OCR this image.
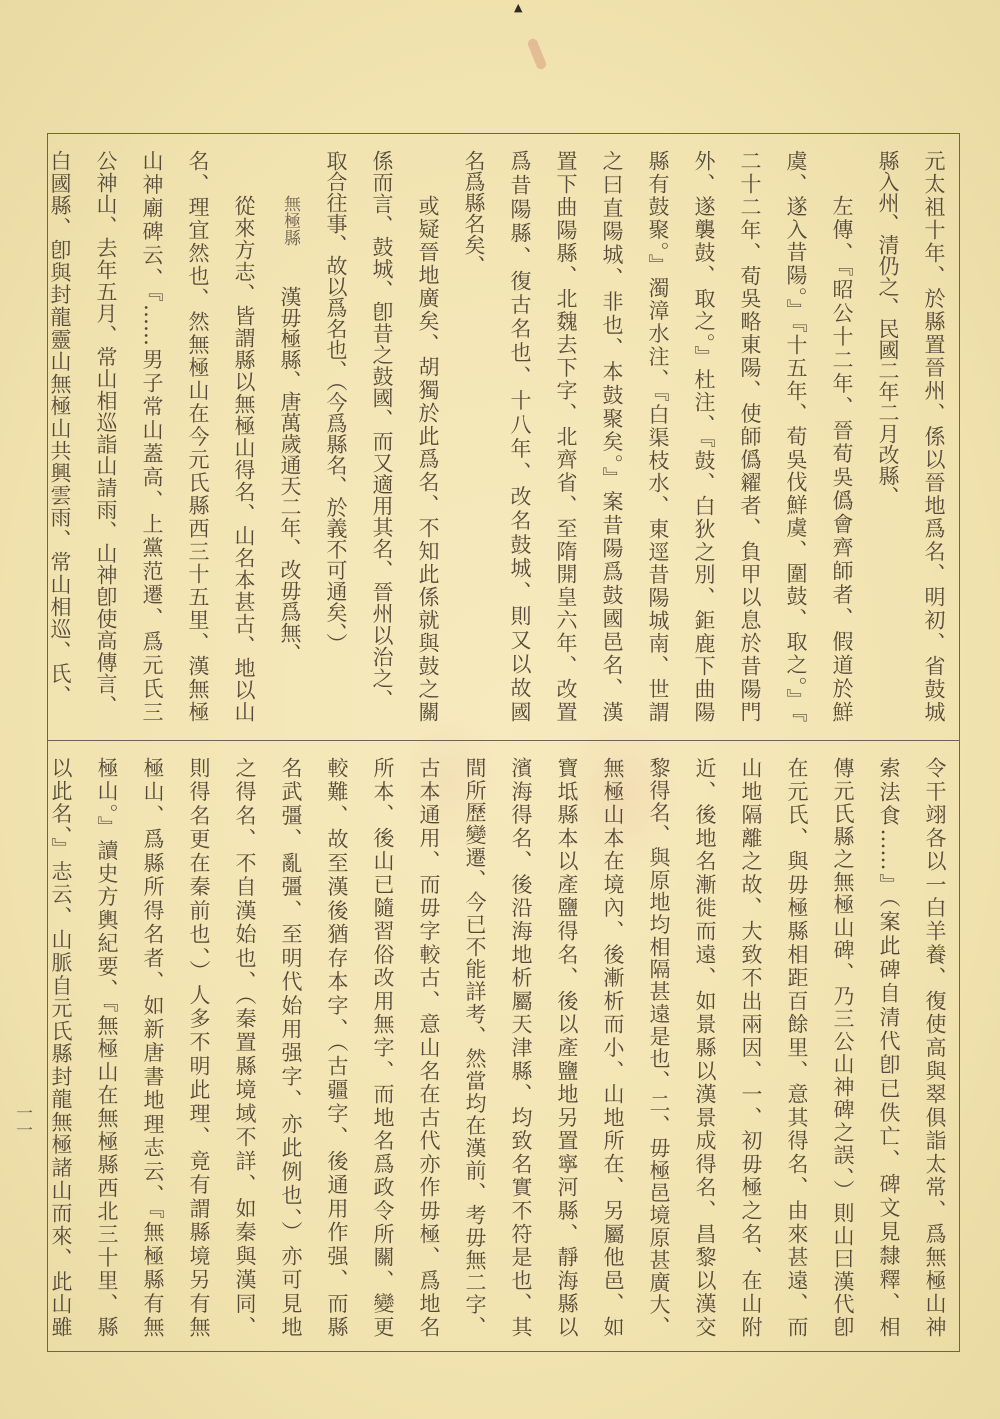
▲
一一
元太祖十年、於縣置晉州、係以晉地爲名、明初、省鼓城
縣入州、清仍之、民國二年二月改縣、
左傳、『昭公十二年、晉荀吳僞會齊師者、假道於鮮
虞、遂入昔陽。』『十五年、荀吳伐鮮虞、圍鼓、取之。』『
二十二年、荀吳略東陽、使師僞糴者、負甲以息於昔陽門
外、遂襲鼓、取之。』杜注、『鼓、白狄之別、鉅鹿下曲陽
縣有鼓聚。』濁漳水注、『白渠枝水、東逕昔陽城南、世謂
之曰直陽城、非也、本鼓聚矣。』案昔陽爲鼓國邑名、漢
置下曲陽縣、北魏去下字、北齊省、至隋開皇六年、改置
爲昔陽縣、復古名也、十八年、改名鼓城、則又以故國
名爲縣名矣、
或疑晉地廣矣、胡獨於此爲名、不知此係就與鼓之關
係而言、鼓城、卽昔之鼓國、而又適用其名、晉州以治之、
取合往事、故以爲名也、（今爲縣名、於義不可通矣、）
無極縣漢毋極縣、唐萬歲通天二年、改毋爲無、
從來方志、皆謂縣以無極山得名、山名本甚古、地以山
名、理宜然也、然無極山在今元氏縣西三十五里、漢無極
山神廟碑云、『……男子常山蓋高、上黨范遷、爲元氏三
公神山、去年五月、常山相巡詣山請雨、山神卽使高傳言、
白國縣、卽與封龍靈山無極山共興雲雨、常山相巡、氏、
令干翊各以一白羊養、復使高與翠俱詣太常、爲無極山神
索法食……』（案此碑自清代卽已佚亡、碑文見隸釋、相
傳元氏縣之無極山碑、乃三公山神碑之誤、）則山曰漢代卽
在元氏、與毋極縣相距百餘里、意其得名、由來甚遠、而
山地隔離之故、大致不出兩因、一、初毋極之名、在山附
近、後地名漸徙而遠、如景縣以漢景成得名、昌黎以漢交
黎得名、與原地均相隔甚遠是也、二、毋極邑境原甚廣大、
無極山本在境內、後漸析而小、山地所在、另屬他邑、如
寶坻縣本以產鹽得名、後以產鹽地另置寧河縣、靜海縣以
濱海得名、後沿海地析屬天津縣、均致名實不符是也、其
間所歷變遷、今已不能詳考、然當均在漢前、考毋無二字、
古本通用、而毋字較古、意山名在古代亦作毋極、爲地名
所本、後山已隨習俗改用無字、而地名爲政令所關、變更
較難、故至漢後猶存本字、（古疆字、後通用作强、而縣
名武彊、亂彊、至明代始用强字、亦此例也、）亦可見地
之得名、不自漢始也、（秦置縣境域不詳、如秦與漢同、
則得名更在秦前也、）人多不明此理、竟有謂縣境另有無
極山、爲縣所得名者、如新唐書地理志云、『無極縣有無
極山。』讀史方輿紀要、『無極山在無極縣西北三十里、縣
以此名、』志云、山脈自元氏縣封龍無極諸山而來、此山雖
